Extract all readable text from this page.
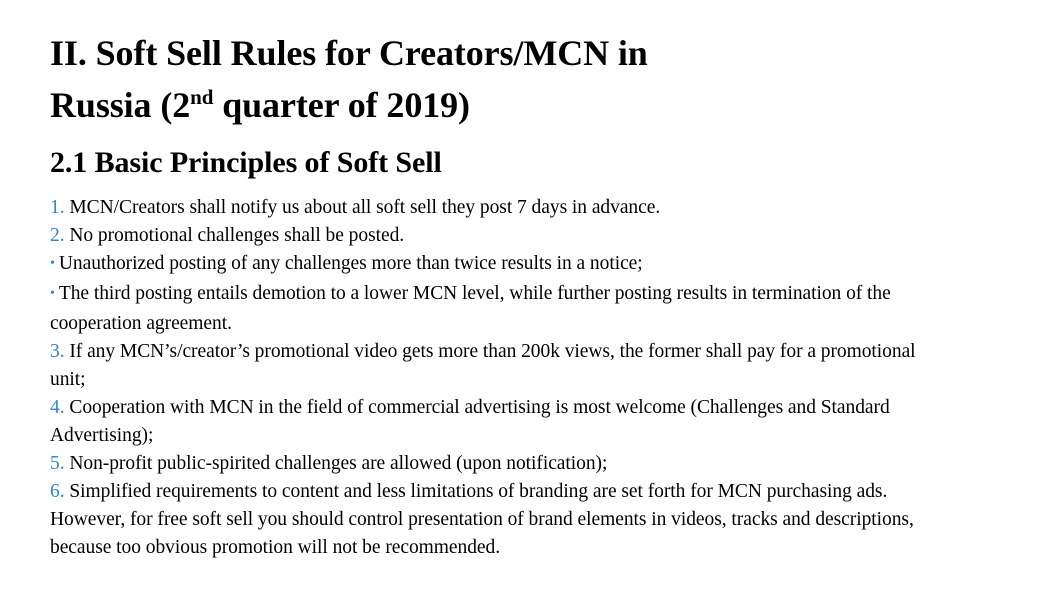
II. Soft Sell Rules for Creators/MCN in
Russia (2nd quarter of 2019)
2.1 Basic Principles of Soft Sell

1. MCN/Creators shall notify us about all soft sell they post 7 days in advance.

2. No promotional challenges shall be posted.

• Unauthorized posting of any challenges more than twice results in a notice;

• The third posting entails demotion to a lower MCN level, while further posting results in termination of the cooperation agreement.

3. If any MCN’s/creator’s promotional video gets more than 200k views, the former shall pay for a promotional unit;

4. Cooperation with MCN in the field of commercial advertising is most welcome (Challenges and Standard Advertising);

5. Non-profit public-spirited challenges are allowed (upon notification);

6. Simplified requirements to content and less limitations of branding are set forth for MCN purchasing ads. However, for free soft sell you should control presentation of brand elements in videos, tracks and descriptions, because too obvious promotion will not be recommended.
